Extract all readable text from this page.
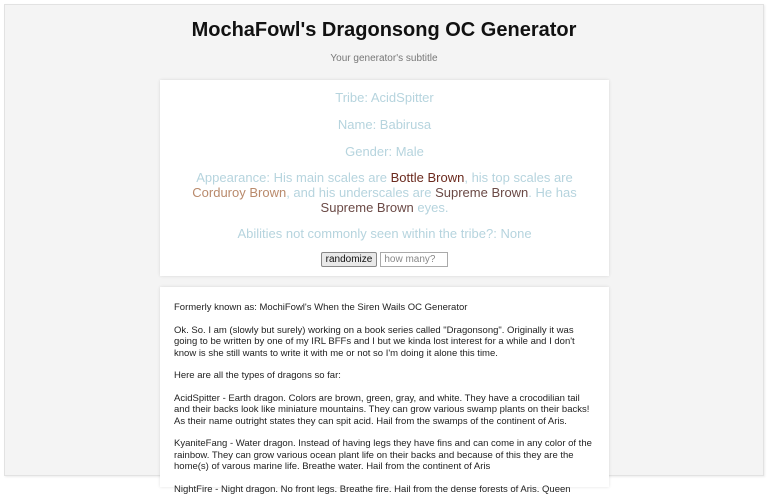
MochaFowl's Dragonsong OC Generator
Your generator's subtitle
Tribe: AcidSpitter
Name: Babirusa
Gender: Male
Appearance: His main scales are Bottle Brown, his top scales are Corduroy Brown, and his underscales are Supreme Brown. He has Supreme Brown eyes.
Abilities not commonly seen within the tribe?: None
randomize
how many?

Formerly known as: MochiFowl's When the Siren Wails OC Generator

Ok. So. I am (slowly but surely) working on a book series called "Dragonsong". Originally it was going to be written by one of my IRL BFFs and I but we kinda lost interest for a while and I don't know is she still wants to write it with me or not so I'm doing it alone this time.

Here are all the types of dragons so far:

AcidSpitter - Earth dragon. Colors are brown, green, gray, and white. They have a crocodilian tail and their backs look like miniature mountains. They can grow various swamp plants on their backs! As their name outright states they can spit acid. Hail from the swamps of the continent of Aris.

KyaniteFang - Water dragon. Instead of having legs they have fins and can come in any color of the rainbow. They can grow various ocean plant life on their backs and because of this they are the home(s) of varous marine life. Breathe water. Hail from the continent of Aris

NightFire - Night dragon. No front legs. Breathe fire. Hail from the dense forests of Aris. Queen
